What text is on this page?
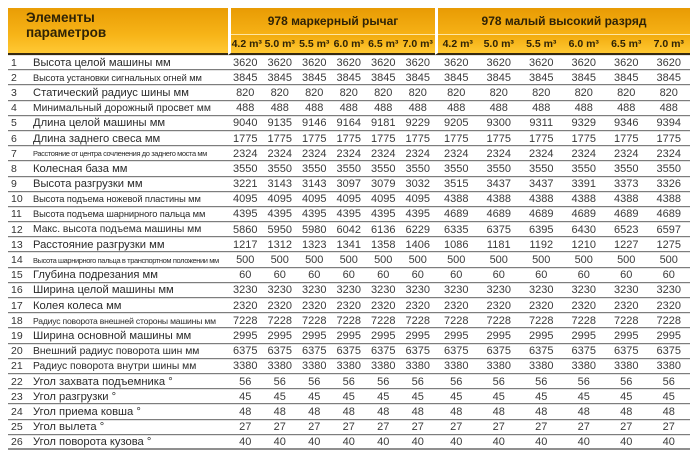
Элементы
параметров		978 маркерный рычаг						978 малый высокий разряд					
		4.2 m³	5.0 m³	5.5 m³	6.0 m³	6.5 m³	7.0 m³	4.2 m³	5.0 m³	5.5 m³	6.0 m³	6.5 m³	7.0 m³
1	Высота целой машины мм	3620	3620	3620	3620	3620	3620	3620	3620	3620	3620	3620	3620
2	Высота установки сигнальных огней мм	3845	3845	3845	3845	3845	3845	3845	3845	3845	3845	3845	3845
3	Статический радиус шины мм	820	820	820	820	820	820	820	820	820	820	820	820
4	Минимальный дорожный просвет мм	488	488	488	488	488	488	488	488	488	488	488	488
5	Длина целой машины мм	9040	9135	9146	9164	9181	9229	9205	9300	9311	9329	9346	9394
6	Длина заднего свеса мм	1775	1775	1775	1775	1775	1775	1775	1775	1775	1775	1775	1775
7	Расстояние от центра сочленения до заднего моста мм	2324	2324	2324	2324	2324	2324	2324	2324	2324	2324	2324	2324
8	Колесная база мм	3550	3550	3550	3550	3550	3550	3550	3550	3550	3550	3550	3550
9	Высота разгрузки мм	3221	3143	3143	3097	3079	3032	3515	3437	3437	3391	3373	3326
10	Высота подъема ножевой пластины мм	4095	4095	4095	4095	4095	4095	4388	4388	4388	4388	4388	4388
11	Высота подъема шарнирного пальца мм	4395	4395	4395	4395	4395	4395	4689	4689	4689	4689	4689	4689
12	Макс. высота подъема машины мм	5860	5950	5980	6042	6136	6229	6335	6375	6395	6430	6523	6597
13	Расстояние разгрузки мм	1217	1312	1323	1341	1358	1406	1086	1181	1192	1210	1227	1275
14	Высота шарнирного пальца в транспортном положении мм	500	500	500	500	500	500	500	500	500	500	500	500
15	Глубина подрезания мм	60	60	60	60	60	60	60	60	60	60	60	60
16	Ширина целой машины мм	3230	3230	3230	3230	3230	3230	3230	3230	3230	3230	3230	3230
17	Колея колеса мм	2320	2320	2320	2320	2320	2320	2320	2320	2320	2320	2320	2320
18	Радиус поворота внешней стороны машины мм	7228	7228	7228	7228	7228	7228	7228	7228	7228	7228	7228	7228
19	Ширина основной машины мм	2995	2995	2995	2995	2995	2995	2995	2995	2995	2995	2995	2995
20	Внешний радиус поворота шин мм	6375	6375	6375	6375	6375	6375	6375	6375	6375	6375	6375	6375
21	Радиус поворота внутри шины мм	3380	3380	3380	3380	3380	3380	3380	3380	3380	3380	3380	3380
22	Угол захвата подъемника °	56	56	56	56	56	56	56	56	56	56	56	56
23	Угол разгрузки °	45	45	45	45	45	45	45	45	45	45	45	45
24	Угол приема ковша °	48	48	48	48	48	48	48	48	48	48	48	48
25	Угол вылета °	27	27	27	27	27	27	27	27	27	27	27	27
26	Угол поворота кузова °	40	40	40	40	40	40	40	40	40	40	40	40
